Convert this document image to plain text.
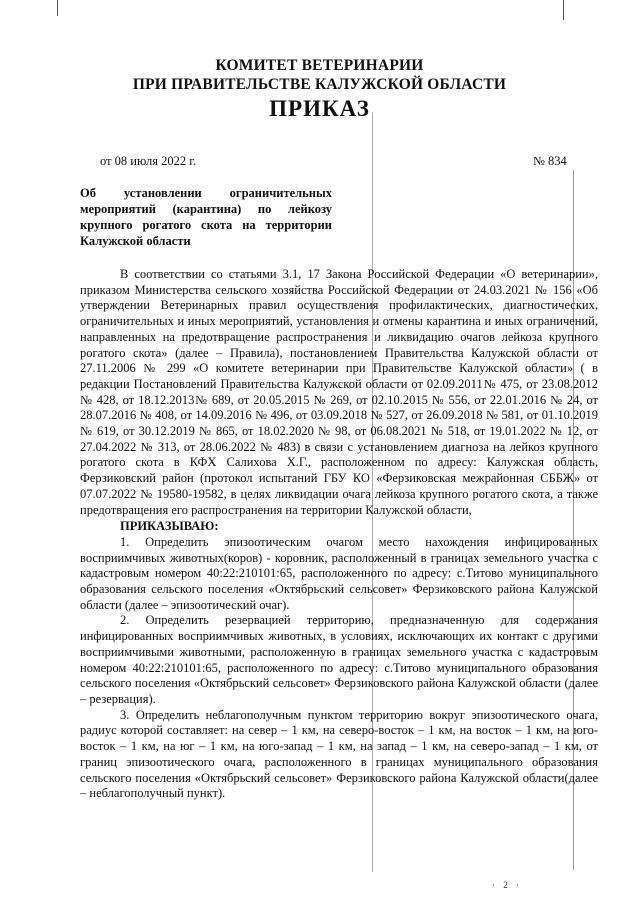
КОМИТЕТ ВЕТЕРИНАРИИ
ПРИ ПРАВИТЕЛЬСТВЕ КАЛУЖСКОЙ ОБЛАСТИ
ПРИКАЗ
от 08 июля 2022 г.	№ 834
Об установлении ограничительных мероприятий (карантина) по лейкозу крупного рогатого скота на территории Калужской области

В соответствии со статьями 3.1, 17 Закона Российской Федерации «О ветеринарии», приказом Министерства сельского хозяйства Российской Федерации от 24.03.2021 № 156 «Об утверждении Ветеринарных правил осуществления профилактических, диагностических, ограничительных и иных мероприятий, установления и отмены карантина и иных ограничений, направленных на предотвращение распространения и ликвидацию очагов лейкоза крупного рогатого скота» (далее – Правила), постановлением Правительства Калужской области от 27.11.2006 № 299 «О комитете ветеринарии при Правительстве Калужской области» ( в редакции Постановлений Правительства Калужской области от 02.09.2011№ 475, от 23.08.2012 № 428, от 18.12.2013№ 689, от 20.05.2015 № 269, от 02.10.2015 № 556, от 22.01.2016 № 24, от 28.07.2016 № 408, от 14.09.2016 № 496, от 03.09.2018 № 527, от 26.09.2018 № 581, от 01.10.2019 № 619, от 30.12.2019 № 865, от 18.02.2020 № 98, от 06.08.2021 № 518, от 19.01.2022 № 12, от 27.04.2022 № 313, от 28.06.2022 № 483) в связи с установлением диагноза на лейкоз крупного рогатого скота в КФХ Салихова Х.Г., расположенном по адресу: Калужская область, Ферзиковский район (протокол испытаний ГБУ КО «Ферзиковская межрайонная СББЖ» от 07.07.2022 № 19580-19582, в целях ликвидации очага лейкоза крупного рогатого скота, а также предотвращения его распространения на территории Калужской области,

ПРИКАЗЫВАЮ:

1. Определить эпизоотическим очагом место нахождения инфицированных восприимчивых животных(коров) - коровник, расположенный в границах земельного участка с кадастровым номером 40:22:210101:65, расположенного по адресу: с.Титово муниципального образования сельского поселения «Октябрьский сельсовет» Ферзиковского района Калужской области (далее – эпизоотический очаг).

2. Определить резервацией территорию, предназначенную для содержания инфицированных восприимчивых животных, в условиях, исключающих их контакт с другими восприимчивыми животными, расположенную в границах земельного участка с кадастровым номером 40:22:210101:65, расположенного по адресу: с.Титово муниципального образования сельского поселения «Октябрьский сельсовет» Ферзиковского района Калужской области (далее – резервация).

3. Определить неблагополучным пунктом территорию вокруг эпизоотического очага, радиус которой составляет: на север – 1 км, на северо-восток – 1 км, на восток – 1 км, на юго-восток – 1 км, на юг – 1 км, на юго-запад – 1 км, на запад – 1 км, на северо-запад – 1 км, от границ эпизоотического очага, расположенного в границах муниципального образования сельского поселения «Октябрьский сельсовет» Ферзиковского района Калужской области(далее – неблагополучный пункт).

· 2 ·
